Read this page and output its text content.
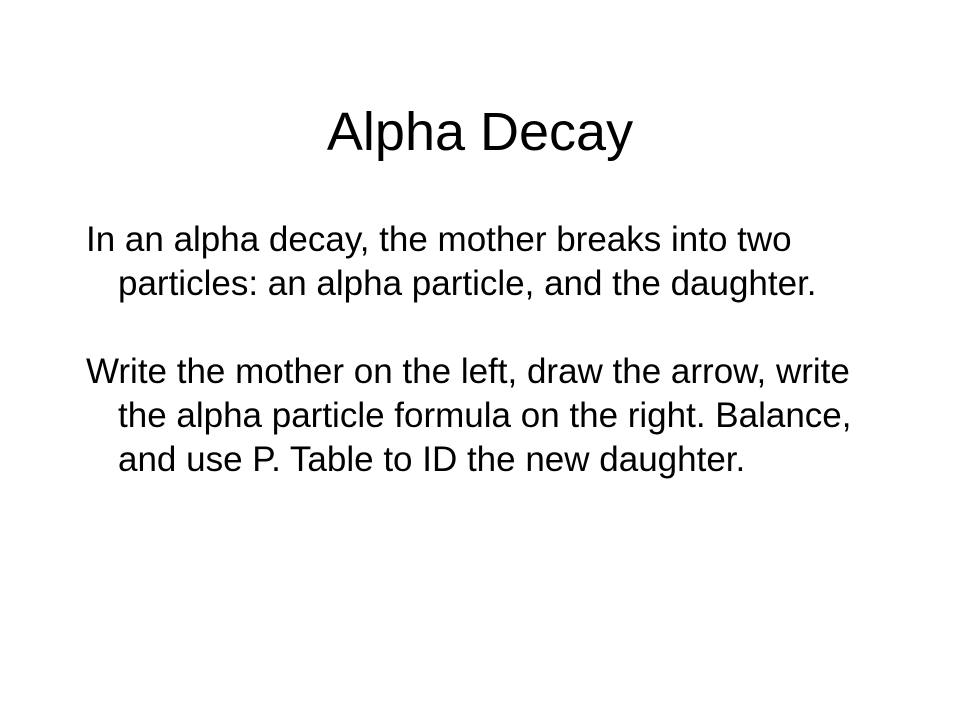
Alpha Decay

In an alpha decay, the mother breaks into two particles: an alpha particle, and the daughter.

Write the mother on the left, draw the arrow, write the alpha particle formula on the right. Balance, and use P. Table to ID the new daughter.
